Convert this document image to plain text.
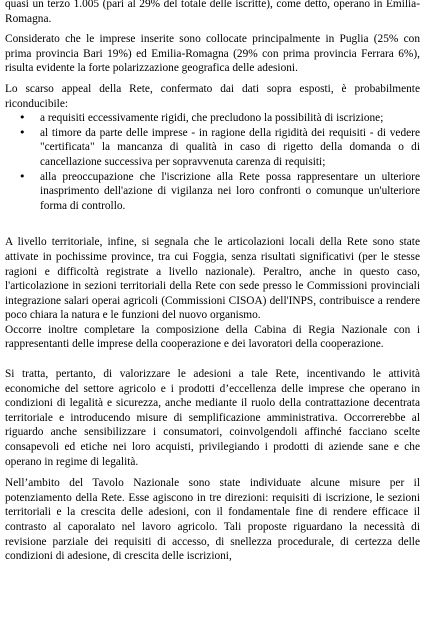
quasi un terzo 1.005 (pari al 29% del totale delle iscritte), come detto, operano in Emilia-Romagna.

Considerato che le imprese inserite sono collocate principalmente in Puglia (25% con prima provincia Bari 19%) ed Emilia-Romagna (29% con prima provincia Ferrara 6%), risulta evidente la forte polarizzazione geografica delle adesioni.

Lo scarso appeal della Rete, confermato dai dati sopra esposti, è probabilmente riconducibile:

• a requisiti eccessivamente rigidi, che precludono la possibilità di iscrizione;
• al timore da parte delle imprese - in ragione della rigidità dei requisiti - di vedere "certificata" la mancanza di qualità in caso di rigetto della domanda o di cancellazione successiva per sopravvenuta carenza di requisiti;
• alla preoccupazione che l'iscrizione alla Rete possa rappresentare un ulteriore inasprimento dell'azione di vigilanza nei loro confronti o comunque un'ulteriore forma di controllo.

A livello territoriale, infine, si segnala che le articolazioni locali della Rete sono state attivate in pochissime province, tra cui Foggia, senza risultati significativi (per le stesse ragioni e difficoltà registrate a livello nazionale). Peraltro, anche in questo caso, l'articolazione in sezioni territoriali della Rete con sede presso le Commissioni provinciali integrazione salari operai agricoli (Commissioni CISOA) dell'INPS, contribuisce a rendere poco chiara la natura e le funzioni del nuovo organismo.

Occorre inoltre completare la composizione della Cabina di Regia Nazionale con i rappresentanti delle imprese della cooperazione e dei lavoratori della cooperazione.

Si tratta, pertanto, di valorizzare le adesioni a tale Rete, incentivando le attività economiche del settore agricolo e i prodotti d’eccellenza delle imprese che operano in condizioni di legalità e sicurezza, anche mediante il ruolo della contrattazione decentrata territoriale e introducendo misure di semplificazione amministrativa. Occorrerebbe al riguardo anche sensibilizzare i consumatori, coinvolgendoli affinché facciano scelte consapevoli ed etiche nei loro acquisti, privilegiando i prodotti di aziende sane e che operano in regime di legalità.

Nell’ambito del Tavolo Nazionale sono state individuate alcune misure per il potenziamento della Rete. Esse agiscono in tre direzioni: requisiti di iscrizione, le sezioni territoriali e la crescita delle adesioni, con il fondamentale fine di rendere efficace il contrasto al caporalato nel lavoro agricolo. Tali proposte riguardano la necessità di revisione parziale dei requisiti di accesso, di snellezza procedurale, di certezza delle condizioni di adesione, di crescita delle iscrizioni,
